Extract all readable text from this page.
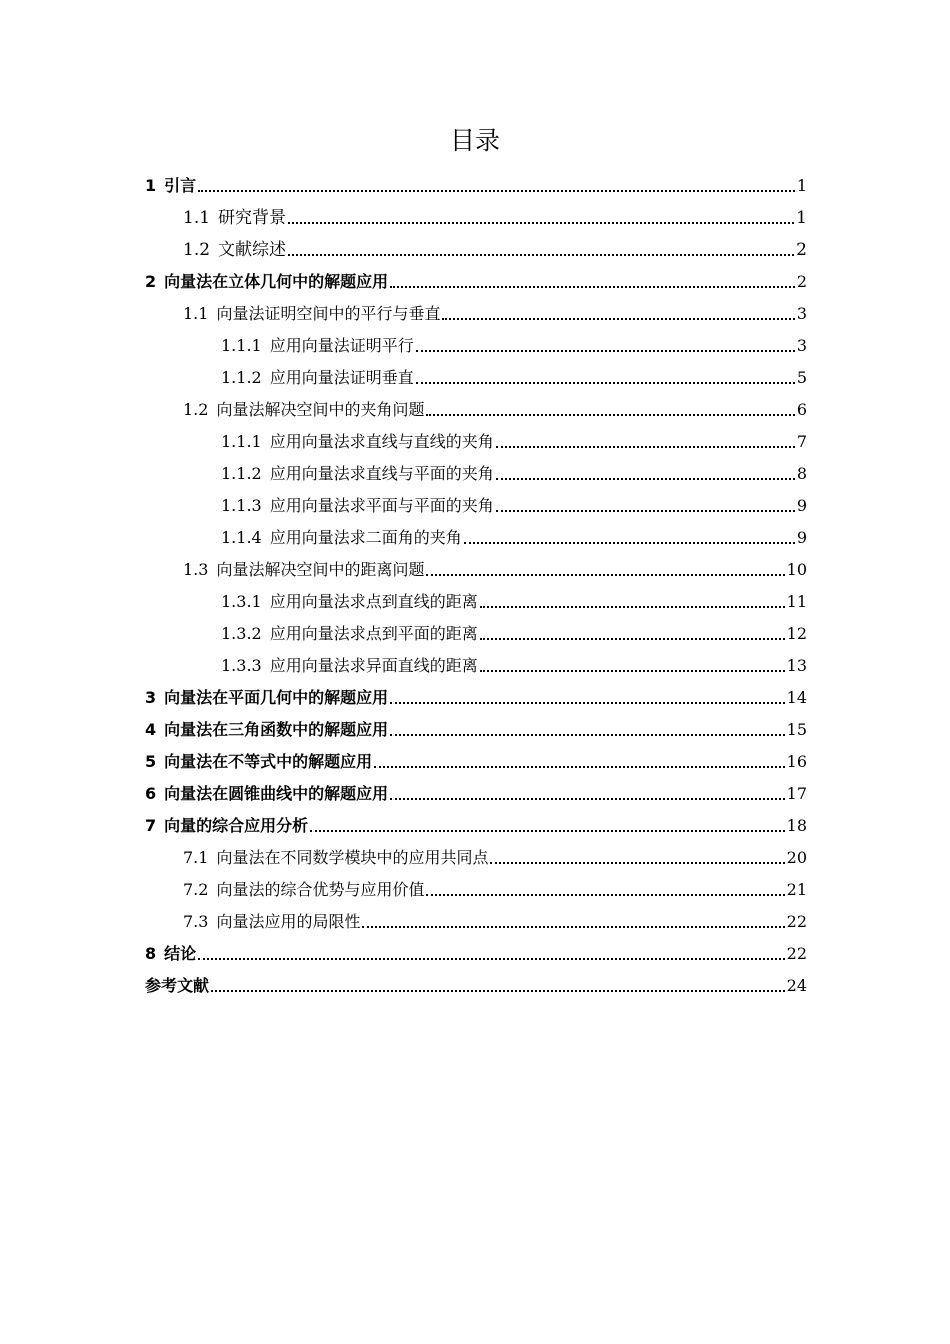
目录
1 引言	1
1.1 研究背景	1
1.2 文献综述	2
2 向量法在立体几何中的解题应用	2
1.1 向量法证明空间中的平行与垂直	3
1.1.1 应用向量法证明平行	3
1.1.2 应用向量法证明垂直	5
1.2 向量法解决空间中的夹角问题	6
1.1.1 应用向量法求直线与直线的夹角	7
1.1.2 应用向量法求直线与平面的夹角	8
1.1.3 应用向量法求平面与平面的夹角	9
1.1.4 应用向量法求二面角的夹角	9
1.3 向量法解决空间中的距离问题	10
1.3.1 应用向量法求点到直线的距离	11
1.3.2 应用向量法求点到平面的距离	12
1.3.3 应用向量法求异面直线的距离	13
3 向量法在平面几何中的解题应用	14
4 向量法在三角函数中的解题应用	15
5 向量法在不等式中的解题应用	16
6 向量法在圆锥曲线中的解题应用	17
7 向量的综合应用分析	18
7.1 向量法在不同数学模块中的应用共同点	20
7.2 向量法的综合优势与应用价值	21
7.3 向量法应用的局限性	22
8 结论	22
参考文献	24
